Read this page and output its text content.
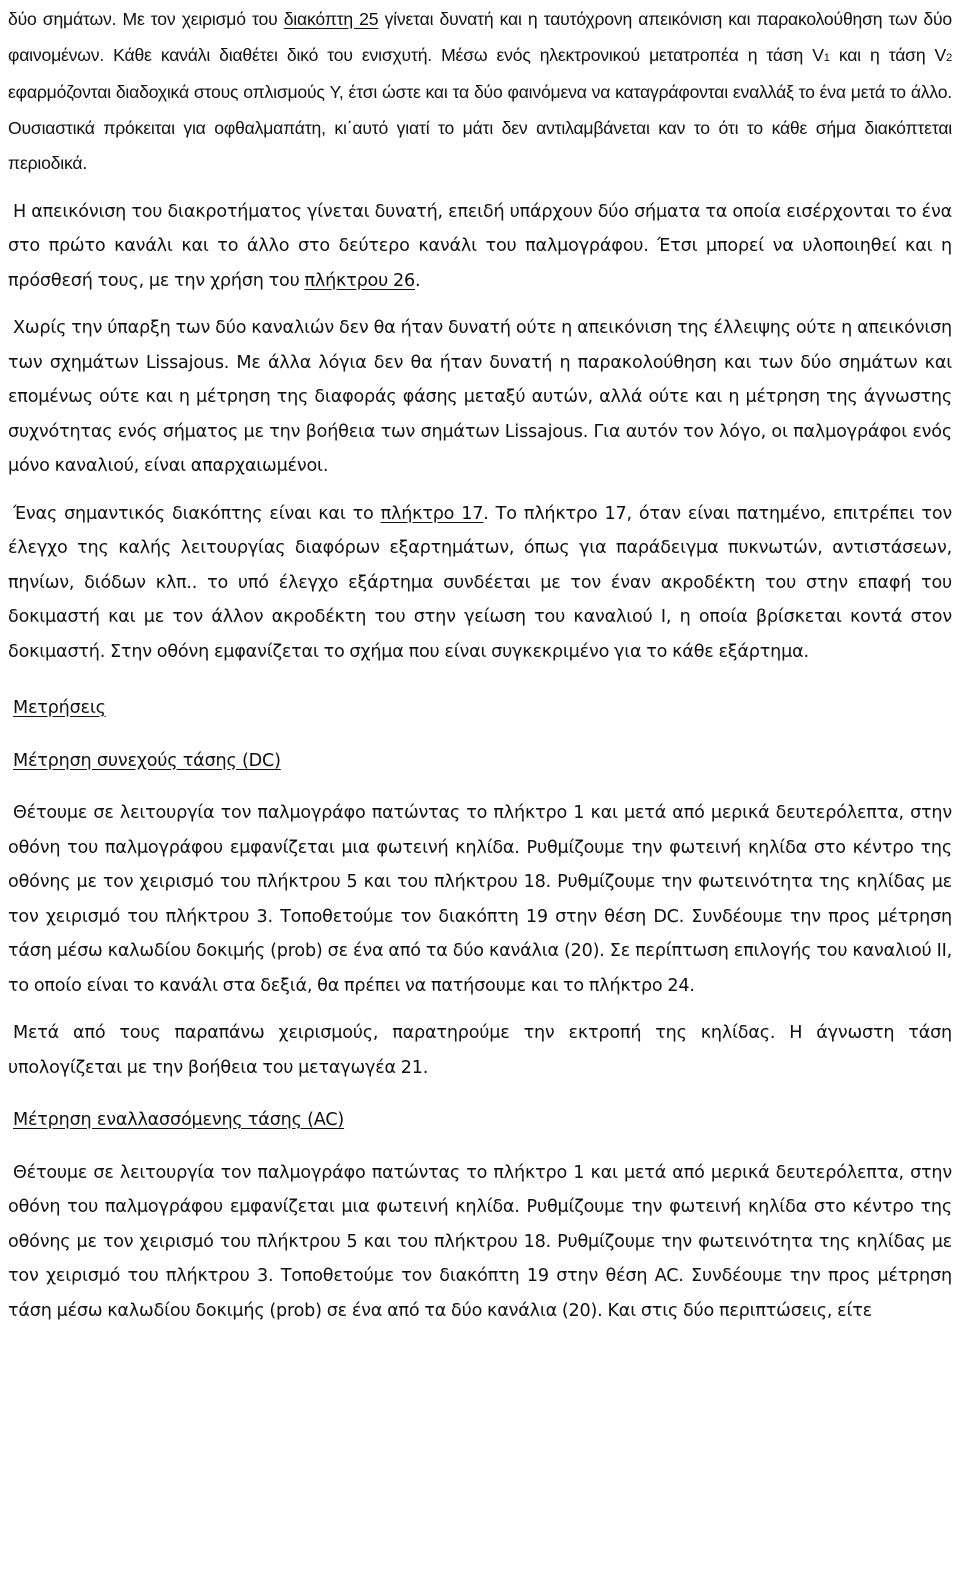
δύο σημάτων. Με τον χειρισμό του διακόπτη 25 γίνεται δυνατή και η ταυτόχρονη απεικόνιση και παρακολούθηση των δύο φαινομένων. Κάθε κανάλι διαθέτει δικό του ενισχυτή. Μέσω ενός ηλεκτρονικού μετατροπέα η τάση V1 και η τάση V2 εφαρμόζονται διαδοχικά στους οπλισμούς Y, έτσι ώστε και τα δύο φαινόμενα να καταγράφονται εναλλάξ το ένα μετά το άλλο. Ουσιαστικά πρόκειται για οφθαλμαπάτη, κι΄αυτό γιατί το μάτι δεν αντιλαμβάνεται καν το ότι το κάθε σήμα διακόπτεται περιοδικά.

Η απεικόνιση του διακροτήματος γίνεται δυνατή, επειδή υπάρχουν δύο σήματα τα οποία εισέρχονται το ένα στο πρώτο κανάλι και το άλλο στο δεύτερο κανάλι του παλμογράφου. Έτσι μπορεί να υλοποιηθεί και η πρόσθεσή τους, με την χρήση του πλήκτρου 26.

Χωρίς την ύπαρξη των δύο καναλιών δεν θα ήταν δυνατή ούτε η απεικόνιση της έλλειψης ούτε η απεικόνιση των σχημάτων Lissajous. Με άλλα λόγια δεν θα ήταν δυνατή η παρακολούθηση και των δύο σημάτων και επομένως ούτε και η μέτρηση της διαφοράς φάσης μεταξύ αυτών, αλλά ούτε και η μέτρηση της άγνωστης συχνότητας ενός σήματος με την βοήθεια των σημάτων Lissajous. Για αυτόν τον λόγο, οι παλμογράφοι ενός μόνο καναλιού, είναι απαρχαιωμένοι.

Ένας σημαντικός διακόπτης είναι και το πλήκτρο 17. Το πλήκτρο 17, όταν είναι πατημένο, επιτρέπει τον έλεγχο της καλής λειτουργίας διαφόρων εξαρτημάτων, όπως για παράδειγμα πυκνωτών, αντιστάσεων, πηνίων, διόδων κλπ.. το υπό έλεγχο εξάρτημα συνδέεται με τον έναν ακροδέκτη του στην επαφή του δοκιμαστή και με τον άλλον ακροδέκτη του στην γείωση του καναλιού Ι, η οποία βρίσκεται κοντά στον δοκιμαστή. Στην οθόνη εμφανίζεται το σχήμα που είναι συγκεκριμένο για το κάθε εξάρτημα.

Μετρήσεις

Μέτρηση συνεχούς τάσης (DC)

Θέτουμε σε λειτουργία τον παλμογράφο πατώντας το πλήκτρο 1 και μετά από μερικά δευτερόλεπτα, στην οθόνη του παλμογράφου εμφανίζεται μια φωτεινή κηλίδα. Ρυθμίζουμε την φωτεινή κηλίδα στο κέντρο της οθόνης με τον χειρισμό του πλήκτρου 5 και του πλήκτρου 18. Ρυθμίζουμε την φωτεινότητα της κηλίδας με τον χειρισμό του πλήκτρου 3. Τοποθετούμε τον διακόπτη 19 στην θέση DC. Συνδέουμε την προς μέτρηση τάση μέσω καλωδίου δοκιμής (prob) σε ένα από τα δύο κανάλια (20). Σε περίπτωση επιλογής του καναλιού ΙΙ, το οποίο είναι το κανάλι στα δεξιά, θα πρέπει να πατήσουμε και το πλήκτρο 24.

Μετά από τους παραπάνω χειρισμούς, παρατηρούμε την εκτροπή της κηλίδας. Η άγνωστη τάση υπολογίζεται με την βοήθεια του μεταγωγέα 21.

Μέτρηση εναλλασσόμενης τάσης (AC)

Θέτουμε σε λειτουργία τον παλμογράφο πατώντας το πλήκτρο 1 και μετά από μερικά δευτερόλεπτα, στην οθόνη του παλμογράφου εμφανίζεται μια φωτεινή κηλίδα. Ρυθμίζουμε την φωτεινή κηλίδα στο κέντρο της οθόνης με τον χειρισμό του πλήκτρου 5 και του πλήκτρου 18. Ρυθμίζουμε την φωτεινότητα της κηλίδας με τον χειρισμό του πλήκτρου 3. Τοποθετούμε τον διακόπτη 19 στην θέση AC. Συνδέουμε την προς μέτρηση τάση μέσω καλωδίου δοκιμής (prob) σε ένα από τα δύο κανάλια (20). Και στις δύο περιπτώσεις, είτε
